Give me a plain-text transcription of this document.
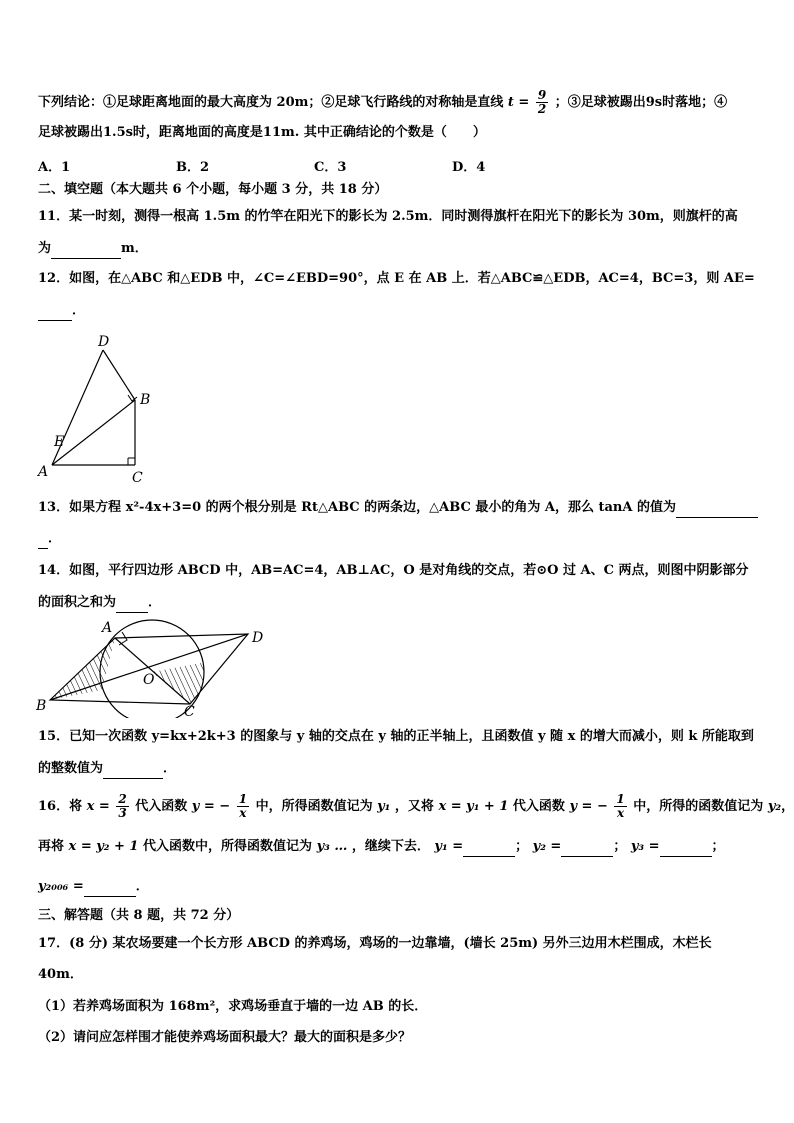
下列结论：①足球距离地面的最大高度为 20m；②足球飞行路线的对称轴是直线 $t = \frac{9}{2}$ ；③足球被踢出9s时落地；④
足球被踢出1.5s时，距离地面的高度是11m. 其中正确结论的个数是（　　）
A．1	B．2	C．3	D．4
二、填空题（本大题共 6 个小题，每小题 3 分，共 18 分）
11．某一时刻，测得一根高 1.5m 的竹竿在阳光下的影长为 2.5m．同时测得旗杆在阳光下的影长为 30m，则旗杆的高
为	m．
12．如图，在△ABC 和△EDB 中，∠C=∠EBD=90°，点 E 在 AB 上．若△ABC≌△EDB，AC=4，BC=3，则 AE=
．
D
B
E
A	C
13．如果方程 x²-4x+3=0 的两个根分别是 Rt△ABC 的两条边，△ABC 最小的角为 A，那么 tanA 的值为
．
14．如图，平行四边形 ABCD 中，AB=AC=4，AB⊥AC，O 是对角线的交点，若⊙O 过 A、C 两点，则图中阴影部分
的面积之和为 ．
A
D
O
B	C
15．已知一次函数 y=kx+2k+3 的图象与 y 轴的交点在 y 轴的正半轴上，且函数值 y 随 x 的增大而减小，则 k 所能取到
的整数值为	．
16．将 $x = \frac{2}{3}$ 代入函数 y = − $\frac{1}{x}$ 中，所得函数值记为 y₁ ，又将 x = y₁ + 1 代入函数 y = − $\frac{1}{x}$ 中，所得的函数值记为 y₂，
再将 x = y₂ + 1 代入函数中，所得函数值记为 y₃ … ，继续下去． y₁ =	； y₂ =	； y₃ =	；
y₂₀₀₆ =	．
三、解答题（共 8 题，共 72 分）
17．(8 分) 某农场要建一个长方形 ABCD 的养鸡场，鸡场的一边靠墙，(墙长 25m) 另外三边用木栏围成，木栏长
40m．
（1）若养鸡场面积为 168m²，求鸡场垂直于墙的一边 AB 的长．
（2）请问应怎样围才能使养鸡场面积最大？最大的面积是多少？
